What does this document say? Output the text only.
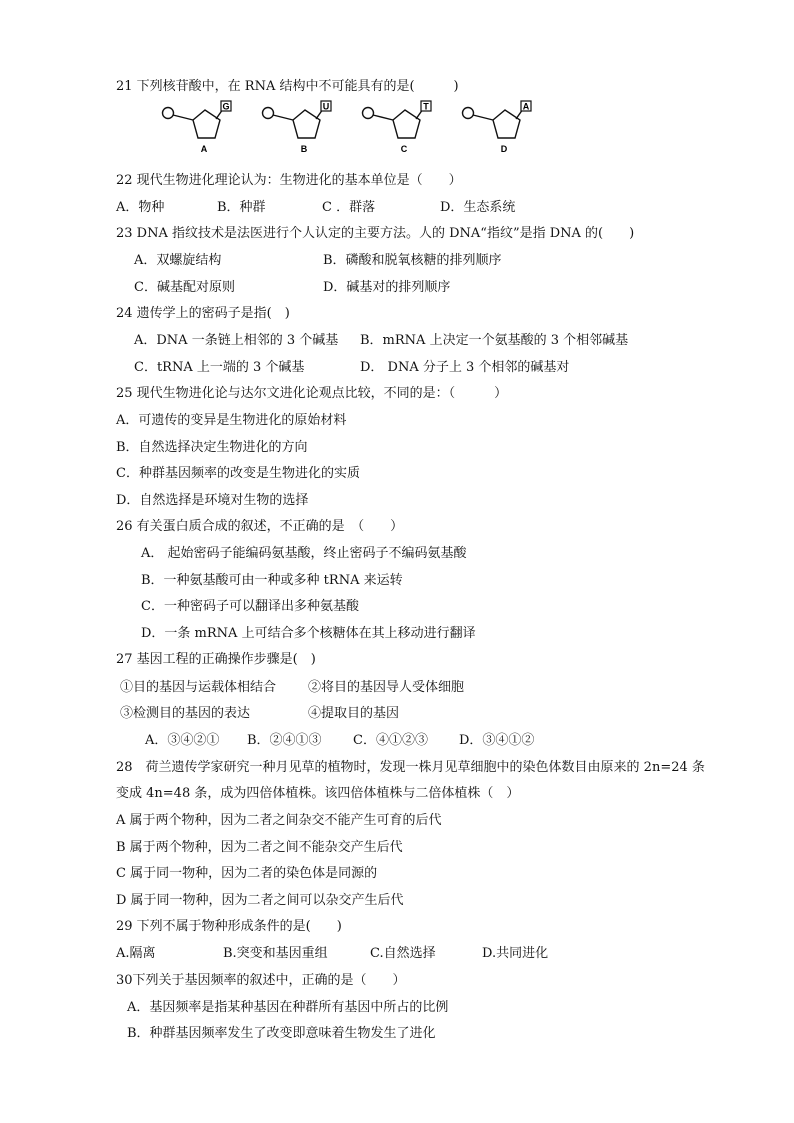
21 下列核苷酸中，在 RNA 结构中不可能具有的是(　　　)
G
A
U
B
T
C
A
D
22 现代生物进化理论认为：生物进化的基本单位是（　　）
A．物种	B．种群	C ．群落	D．生态系统
23 DNA 指纹技术是法医进行个人认定的主要方法。人的 DNA“指纹”是指 DNA 的(　　)
A．双螺旋结构	B．磷酸和脱氧核糖的排列顺序
C．碱基配对原则	D．碱基对的排列顺序
24 遗传学上的密码子是指(　)
A．DNA 一条链上相邻的 3 个碱基 B．mRNA 上决定一个氨基酸的 3 个相邻碱基
C．tRNA 上一端的 3 个碱基	D． DNA 分子上 3 个相邻的碱基对
25 现代生物进化论与达尔文进化论观点比较，不同的是：（　　　）
A．可遗传的变异是生物进化的原始材料
B．自然选择决定生物进化的方向
C．种群基因频率的改变是生物进化的实质
D．自然选择是环境对生物的选择
26 有关蛋白质合成的叙述，不正确的是　（　　）
A． 起始密码子能编码氨基酸，终止密码子不编码氨基酸
B．一种氨基酸可由一种或多种 tRNA 来运转
C．一种密码子可以翻译出多种氨基酸
D．一条 mRNA 上可结合多个核糖体在其上移动进行翻译
27 基因工程的正确操作步骤是(　)
①目的基因与运载体相结合 ②将目的基因导人受体细胞
③检测目的基因的表达	④提取目的基因
A．③④②① B．②④①③ C．④①②③ D．③④①②
28　荷兰遗传学家研究一种月见草的植物时，发现一株月见草细胞中的染色体数目由原来的 2n=24 条
变成 4n=48 条，成为四倍体植株。该四倍体植株与二倍体植株（　）
A 属于两个物种，因为二者之间杂交不能产生可育的后代
B 属于两个物种，因为二者之间不能杂交产生后代
C 属于同一物种，因为二者的染色体是同源的
D 属于同一物种，因为二者之间可以杂交产生后代
29 下列不属于物种形成条件的是(　　)
A.隔离	B.突变和基因重组	C.自然选择	D.共同进化
30下列关于基因频率的叙述中，正确的是（　　）
A．基因频率是指某种基因在种群所有基因中所占的比例
B．种群基因频率发生了改变即意味着生物发生了进化
